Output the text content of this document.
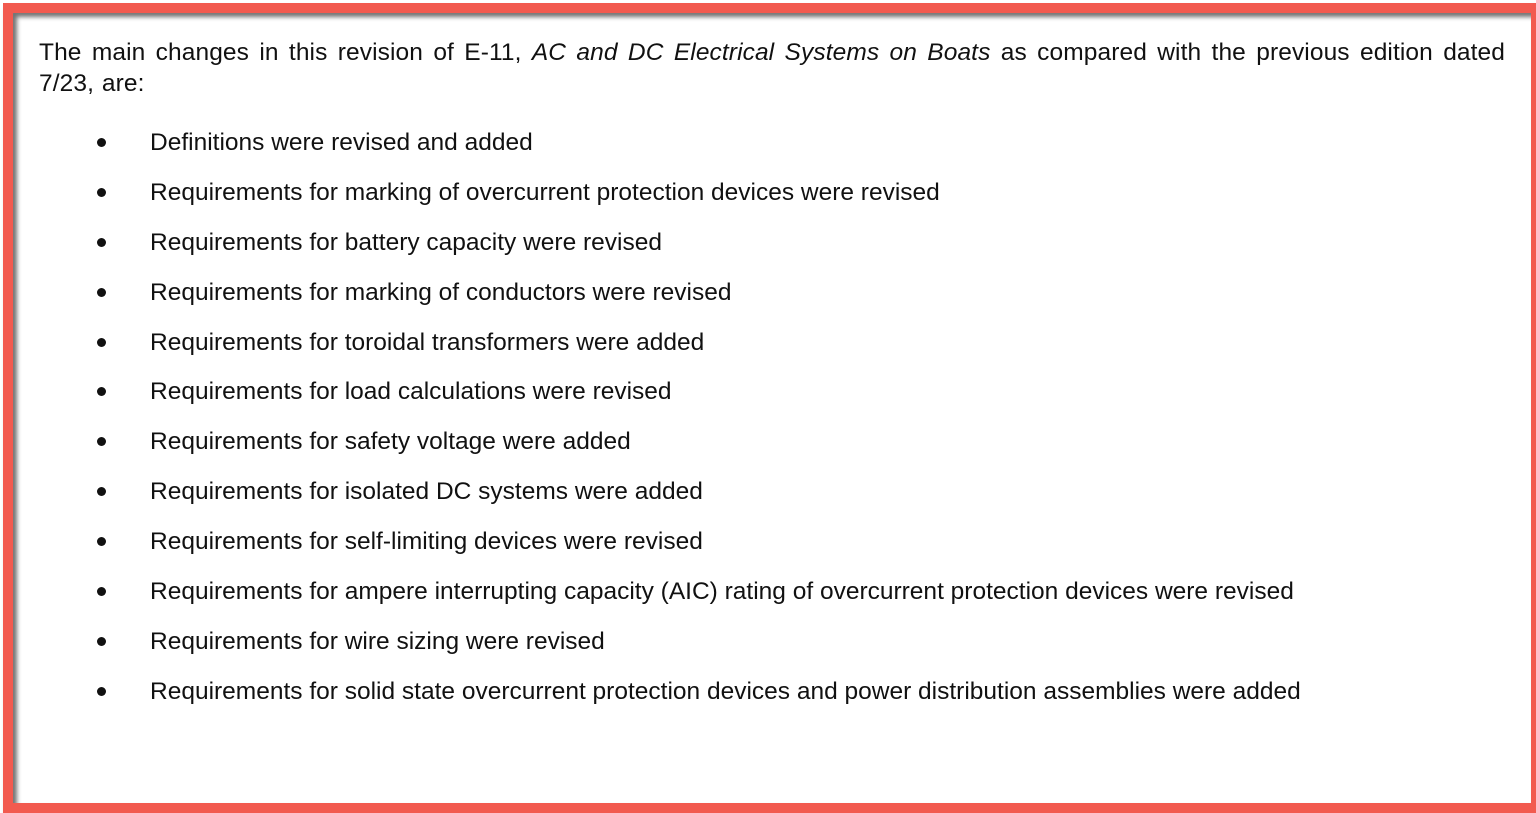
The main changes in this revision of E-11, AC and DC Electrical Systems on Boats as compared with the previous edition dated 7/23, are:

Definitions were revised and added
Requirements for marking of overcurrent protection devices were revised
Requirements for battery capacity were revised
Requirements for marking of conductors were revised
Requirements for toroidal transformers were added
Requirements for load calculations were revised
Requirements for safety voltage were added
Requirements for isolated DC systems were added
Requirements for self-limiting devices were revised
Requirements for ampere interrupting capacity (AIC) rating of overcurrent protection devices were revised
Requirements for wire sizing were revised
Requirements for solid state overcurrent protection devices and power distribution assemblies were added
